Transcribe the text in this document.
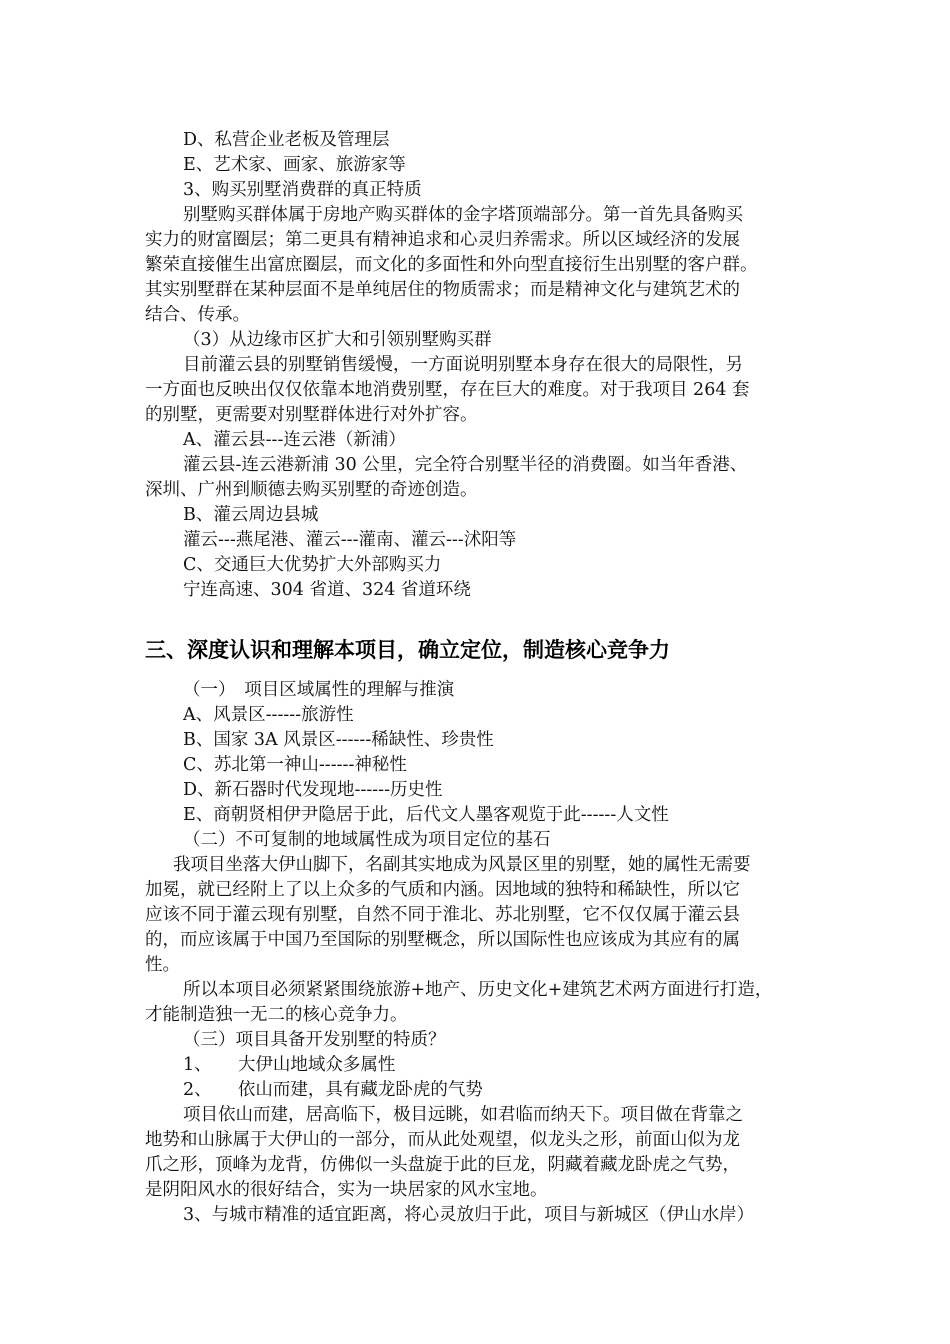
D、私营企业老板及管理层
E、艺术家、画家、旅游家等
3、购买别墅消费群的真正特质
别墅购买群体属于房地产购买群体的金字塔顶端部分。第一首先具备购买
实力的财富圈层；第二更具有精神追求和心灵归养需求。所以区域经济的发展
繁荣直接催生出富庶圈层，而文化的多面性和外向型直接衍生出别墅的客户群。
其实别墅群在某种层面不是单纯居住的物质需求；而是精神文化与建筑艺术的
结合、传承。
（3）从边缘市区扩大和引领别墅购买群
目前灌云县的别墅销售缓慢，一方面说明别墅本身存在很大的局限性，另
一方面也反映出仅仅依靠本地消费别墅，存在巨大的难度。对于我项目 264 套
的别墅，更需要对别墅群体进行对外扩容。
A、灌云县---连云港（新浦）
灌云县-连云港新浦 30 公里，完全符合别墅半径的消费圈。如当年香港、
深圳、广州到顺德去购买别墅的奇迹创造。
B、灌云周边县城
灌云---燕尾港、灌云---灌南、灌云---沭阳等
C、交通巨大优势扩大外部购买力
宁连高速、304 省道、324 省道环绕
三、深度认识和理解本项目，确立定位，制造核心竞争力
（一）　项目区域属性的理解与推演
A、风景区------旅游性
B、国家 3A 风景区------稀缺性、珍贵性
C、苏北第一神山------神秘性
D、新石器时代发现地------历史性
E、商朝贤相伊尹隐居于此，后代文人墨客观览于此------人文性
（二）不可复制的地域属性成为项目定位的基石
我项目坐落大伊山脚下，名副其实地成为风景区里的别墅，她的属性无需要
加冕，就已经附上了以上众多的气质和内涵。因地域的独特和稀缺性，所以它
应该不同于灌云现有别墅，自然不同于淮北、苏北别墅，它不仅仅属于灌云县
的，而应该属于中国乃至国际的别墅概念，所以国际性也应该成为其应有的属
性。
所以本项目必须紧紧围绕旅游+地产、历史文化+建筑艺术两方面进行打造，
才能制造独一无二的核心竞争力。
（三）项目具备开发别墅的特质？
1、　　大伊山地域众多属性
2、　　依山而建，具有藏龙卧虎的气势
项目依山而建，居高临下，极目远眺，如君临而纳天下。项目做在背靠之
地势和山脉属于大伊山的一部分，而从此处观望，似龙头之形，前面山似为龙
爪之形，顶峰为龙背，仿佛似一头盘旋于此的巨龙，阴藏着藏龙卧虎之气势，
是阴阳风水的很好结合，实为一块居家的风水宝地。
3、与城市精准的适宜距离，将心灵放归于此，项目与新城区（伊山水岸）
